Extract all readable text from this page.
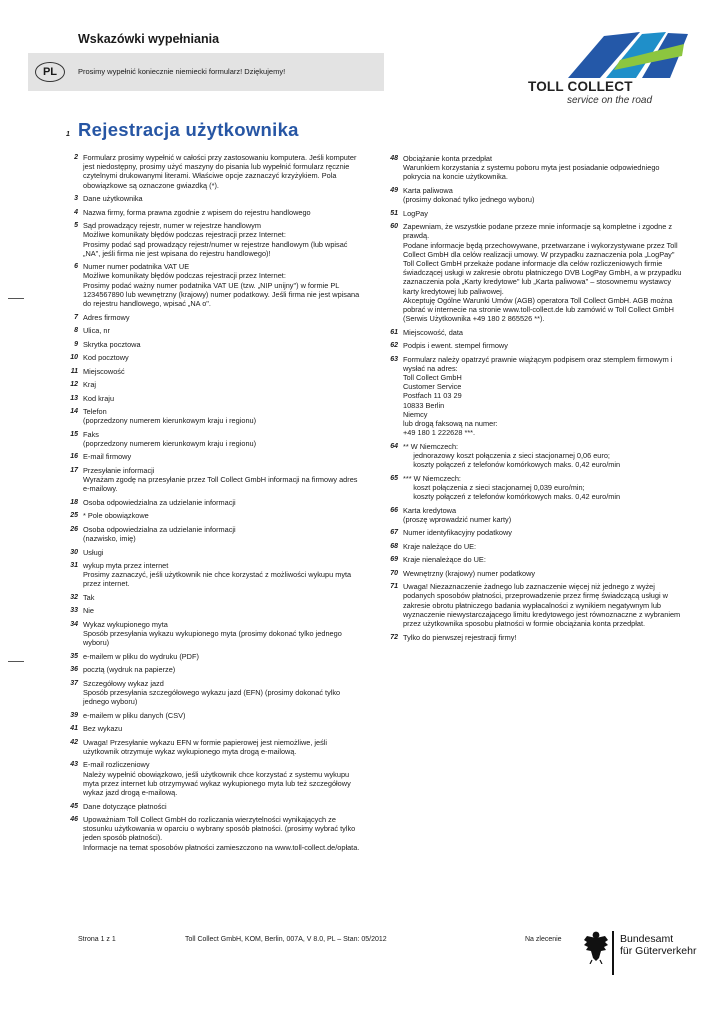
Wskazówki wypełniania
PL	Prosimy wypełnić koniecznie niemiecki formularz! Dziękujemy!
TOLL COLLECT
service on the road
1 Rejestracja użytkownika
2 Formularz prosimy wypełnić w całości przy zastosowaniu komputera. Jeśli komputer jest niedostępny, prosimy użyć maszyny do pisania lub wypełnić formularz ręcznie czytelnymi drukowanymi literami. Właściwe opcje zaznaczyć krzyżykiem. Pola obowiązkowe są oznaczone gwiazdką (*).
3 Dane użytkownika
4 Nazwa firmy, forma prawna zgodnie z wpisem do rejestru handlowego
5 Sąd prowadzący rejestr, numer w rejestrze handlowym
Możliwe komunikaty błędów podczas rejestracji przez Internet:
Prosimy podać sąd prowadzący rejestr/numer w rejestrze handlowym (lub wpisać „NA", jeśli firma nie jest wpisana do rejestru handlowego)!
6 Numer numer podatnika VAT UE
Możliwe komunikaty błędów podczas rejestracji przez Internet:
Prosimy podać ważny numer podatnika VAT UE (tzw. „NIP unijny") w formie PL 1234567890 lub wewnętrzny (krajowy) numer podatkowy. Jeśli firma nie jest wpisana do rejestru handlowego, wpisać „NA o".
7 Adres firmowy
8 Ulica, nr
9 Skrytka pocztowa
10 Kod pocztowy
11 Miejscowość
12 Kraj
13 Kod kraju
14 Telefon
(poprzedzony numerem kierunkowym kraju i regionu)
15 Faks
(poprzedzony numerem kierunkowym kraju i regionu)
16 E-mail firmowy
17 Przesyłanie informacji
Wyrażam zgodę na przesyłanie przez Toll Collect GmbH informacji na firmowy adres e-mailowy.
18 Osoba odpowiedzialna za udzielanie informacji
25 * Pole obowiązkowe
26 Osoba odpowiedzialna za udzielanie informacji
(nazwisko, imię)
30 Usługi
31 wykup myta przez internet
Prosimy zaznaczyć, jeśli użytkownik nie chce korzystać z możliwości wykupu myta przez internet.
32 Tak
33 Nie
34 Wykaz wykupionego myta
Sposób przesyłania wykazu wykupionego myta (prosimy dokonać tylko jednego wyboru)
35 e-mailem w pliku do wydruku (PDF)
36 pocztą (wydruk na papierze)
37 Szczegółowy wykaz jazd
Sposób przesyłania szczegółowego wykazu jazd (EFN) (prosimy dokonać tylko jednego wyboru)
39 e-mailem w pliku danych (CSV)
41 Bez wykazu
42 Uwaga! Przesyłanie wykazu EFN w formie papierowej jest niemożliwe, jeśli użytkownik otrzymuje wykaz wykupionego myta drogą e-mailową.
43 E-mail rozliczeniowy
Należy wypełnić obowiązkowo, jeśli użytkownik chce korzystać z systemu wykupu myta przez internet lub otrzymywać wykaz wykupionego myta lub też szczegółowy wykaz jazd drogą e-mailową.
45 Dane dotyczące płatności
46 Upoważniam Toll Collect GmbH do rozliczania wierzytelności wynikających ze stosunku użytkowania w oparciu o wybrany sposób płatności. (prosimy wybrać tylko jeden sposób płatności).
Informacje na temat sposobów płatności zamieszczono na www.toll-collect.de/opłata.
48 Obciążanie konta przedpłat
Warunkiem korzystania z systemu poboru myta jest posiadanie odpowiedniego pokrycia na koncie użytkownika.
49 Karta paliwowa
(prosimy dokonać tylko jednego wyboru)
51 LogPay
60 Zapewniam, że wszystkie podane przeze mnie informacje są kompletne i zgodne z prawdą.
Podane informacje będą przechowywane, przetwarzane i wykorzystywane przez Toll Collect GmbH dla celów realizacji umowy. W przypadku zaznaczenia pola „LogPay" Toll Collect GmbH przekaże podane informacje dla celów rozliczeniowych firmie świadczącej usługi w zakresie obrotu płatniczego DVB LogPay GmbH, a w przypadku zaznaczenia pola „Karty kredytowe" lub „Karta paliwowa" – stosownemu wystawcy karty kredytowej lub paliwowej.
Akceptuję Ogólne Warunki Umów (AGB) operatora Toll Collect GmbH. AGB można pobrać w internecie na stronie www.toll-collect.de lub zamówić w Toll Collect GmbH (Serwis Użytkownika +49 180 2 865526 **).
61 Miejscowość, data
62 Podpis i ewent. stempel firmowy
63 Formularz należy opatrzyć prawnie wiążącym podpisem oraz stemplem firmowym i wysłać na adres:
Toll Collect GmbH
Customer Service
Postfach 11 03 29
10833 Berlin
Niemcy
lub drogą faksową na numer:
+49 180 1 222628 ***.
64 ** W Niemczech:
jednorazowy koszt połączenia z sieci stacjonarnej 0,06 euro;
koszty połączeń z telefonów komórkowych maks. 0,42 euro/min
65 *** W Niemczech:
koszt połączenia z sieci stacjonarnej 0,039 euro/min;
koszty połączeń z telefonów komórkowych maks. 0,42 euro/min
66 Karta kredytowa
(proszę wprowadzić numer karty)
67 Numer identyfikacyjny podatkowy
68 Kraje należące do UE:
69 Kraje nienależące do UE:
70 Wewnętrzny (krajowy) numer podatkowy
71 Uwaga! Niezaznaczenie żadnego lub zaznaczenie więcej niż jednego z wyżej podanych sposobów płatności, przeprowadzenie przez firmę świadczącą usługi w zakresie obrotu płatniczego badania wypłacalności z wynikiem negatywnym lub wyznaczenie niewystarczającego limitu kredytowego jest równoznaczne z wybraniem przez użytkownika sposobu płatności w formie obciążania konta przedpłat.
72 Tylko do pierwszej rejestracji firmy!
Strona 1 z 1	Toll Collect GmbH, KOM, Berlin, 007A, V 8.0, PL – Stan: 05/2012	Na zlecenie	Bundesamt
für Güterverkehr
